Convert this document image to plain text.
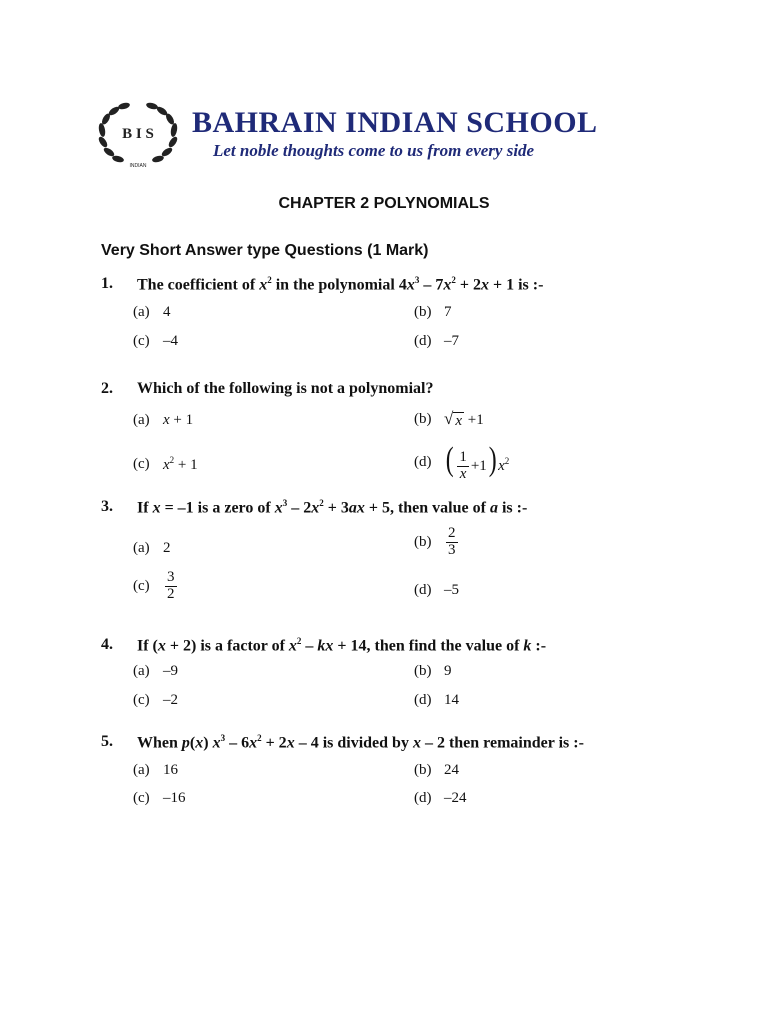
B I S
INDIAN
BAHRAIN INDIAN SCHOOL
Let noble thoughts come to us from every side
CHAPTER 2 POLYNOMIALS
Very Short Answer type Questions (1 Mark)
1. The coefficient of $x^2$ in the polynomial $4x^3 - 7x^2 + 2x + 1$ is :-
(a) 4	(b) 7
(c) –4	(d) –7
2. Which of the following is not a polynomial?
(a) x + 1	(b) √ x +1
(c) $x^2 + 1$	(d) ( $\frac{1}{x} +1$) $x^2$
3. If x = –1 is a zero of $x^3 - 2x^2 + 3ax + 5$, then value of a is :-
(a) 2	$(b) \frac{2}{3}$
(c)	$\frac{3}{2}$	(d) –5
4. If (x + 2) is a factor of $x^2$ – kx + 14, then find the value of k :-
(a) –9	(b) 9
(c) –2	(d) 14
5. When p(x) $x^3 - 6x^2 + 2x - 4$ is divided by x – 2 then remainder is :-
(a) 16	(b) 24
(c) –16	(d) –24
